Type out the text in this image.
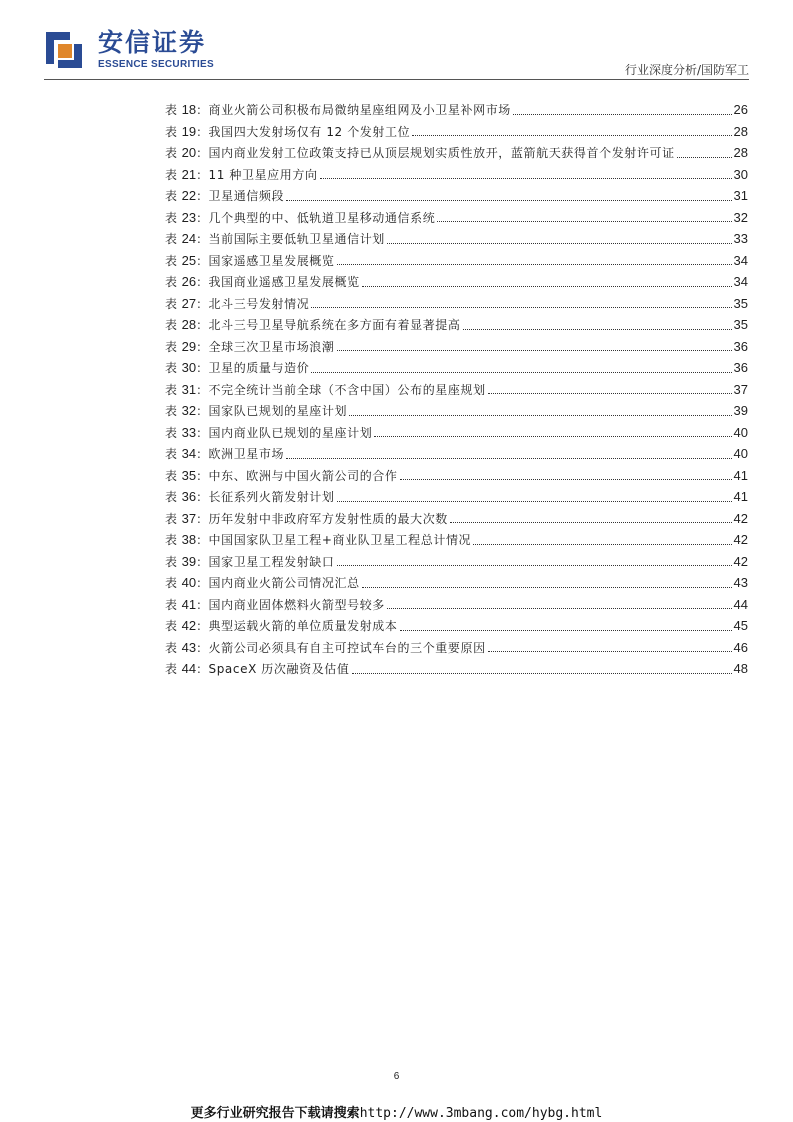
安信证券
ESSENCE SECURITIES	行业深度分析/国防军工
表 18： 商业火箭公司积极布局微纳星座组网及小卫星补网市场	26
表 19： 我国四大发射场仅有 12 个发射工位	28
表 20： 国内商业发射工位政策支持已从顶层规划实质性放开，蓝箭航天获得首个发射许可证	28
表 21： 11 种卫星应用方向	30
表 22： 卫星通信频段	31
表 23： 几个典型的中、低轨道卫星移动通信系统	32
表 24： 当前国际主要低轨卫星通信计划	33
表 25： 国家遥感卫星发展概览	34
表 26： 我国商业遥感卫星发展概览	34
表 27： 北斗三号发射情况	35
表 28： 北斗三号卫星导航系统在多方面有着显著提高	35
表 29： 全球三次卫星市场浪潮	36
表 30： 卫星的质量与造价	36
表 31： 不完全统计当前全球（不含中国）公布的星座规划	37
表 32： 国家队已规划的星座计划	39
表 33： 国内商业队已规划的星座计划	40
表 34： 欧洲卫星市场	40
表 35： 中东、欧洲与中国火箭公司的合作	41
表 36： 长征系列火箭发射计划	41
表 37： 历年发射中非政府军方发射性质的最大次数	42
表 38： 中国国家队卫星工程+商业队卫星工程总计情况	42
表 39： 国家卫星工程发射缺口	42
表 40： 国内商业火箭公司情况汇总	43
表 41： 国内商业固体燃料火箭型号较多	44
表 42： 典型运载火箭的单位质量发射成本	45
表 43： 火箭公司必须具有自主可控试车台的三个重要原因	46
表 44： SpaceX 历次融资及估值	48
6
更多行业研究报告下载请搜索http://www.3mbang.com/hybg.html
